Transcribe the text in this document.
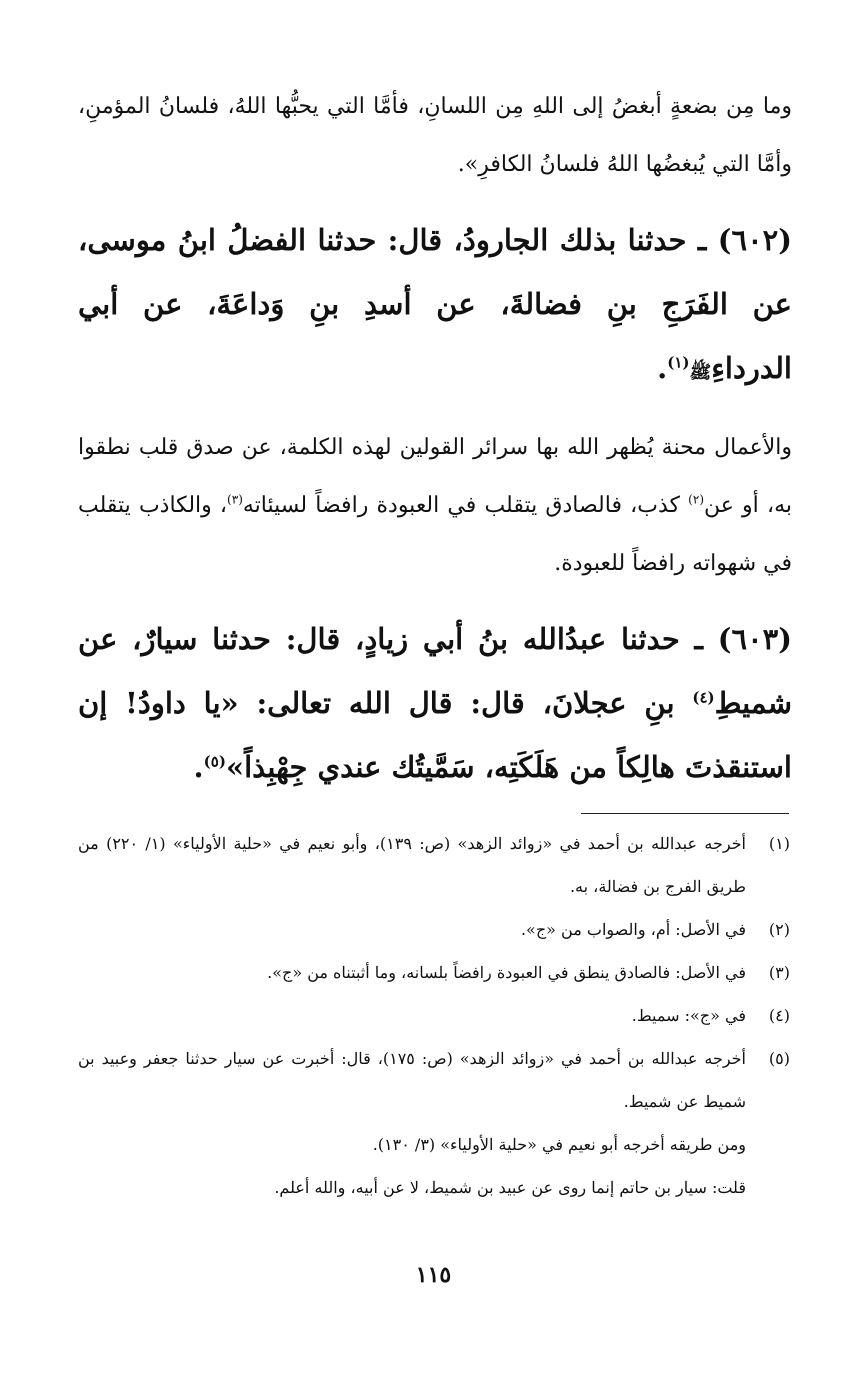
وما مِن بضعةٍ أبغضُ إلى اللهِ مِن اللسانِ، فأمَّا التي يحبُّها اللهُ، فلسانُ المؤمنِ، وأمَّا التي يُبغضُها اللهُ فلسانُ الكافرِ».

(٦٠٢) ـ حدثنا بذلك الجارودُ، قال: حدثنا الفضلُ ابنُ موسى، عن الفَرَجِ بنِ فضالةَ، عن أسدِ بنِ وَداعَةَ، عن أبي الدرداءِﷺ$^{(١)}$.

والأعمال محنة يُظهر الله بها سرائر القولين لهذه الكلمة، عن صدق قلب نطقوا به، أو عن$^{(٢)}$ كذب، فالصادق يتقلب في العبودة رافضاً لسيئاته$^{(٣)}$، والكاذب يتقلب في شهواته رافضاً للعبودة.

(٦٠٣) ـ حدثنا عبدُالله بنُ أبي زيادٍ، قال: حدثنا سيارٌ، عن شميطِ$^{(٤)}$ بنِ عجلانَ، قال: قال الله تعالى: «يا داودُ! إن استنقذتَ هالِكاً من هَلَكَتِه، سَمَّيتُك عندي جِهْبِذاً»$^{(٥)}$.

(١)
أخرجه عبدالله بن أحمد في «زوائد الزهد» (ص: ١٣٩)، وأبو نعيم في «حلية الأولياء» (١/ ٢٢٠) من طريق الفرج بن فضالة، به.
(٢)
في الأصل: أم، والصواب من «ج».
(٣)
في الأصل: فالصادق ينطق في العبودة رافضاً بلسانه، وما أثبتناه من «ج».
(٤)
في «ج»: سميط.
(٥)
أخرجه عبدالله بن أحمد في «زوائد الزهد» (ص: ١٧٥)، قال: أخبرت عن سيار حدثنا جعفر وعبيد بن شميط عن شميط.
ومن طريقه أخرجه أبو نعيم في «حلية الأولياء» (٣/ ١٣٠).
قلت: سيار بن حاتم إنما روى عن عبيد بن شميط، لا عن أبيه، والله أعلم.
١١٥
